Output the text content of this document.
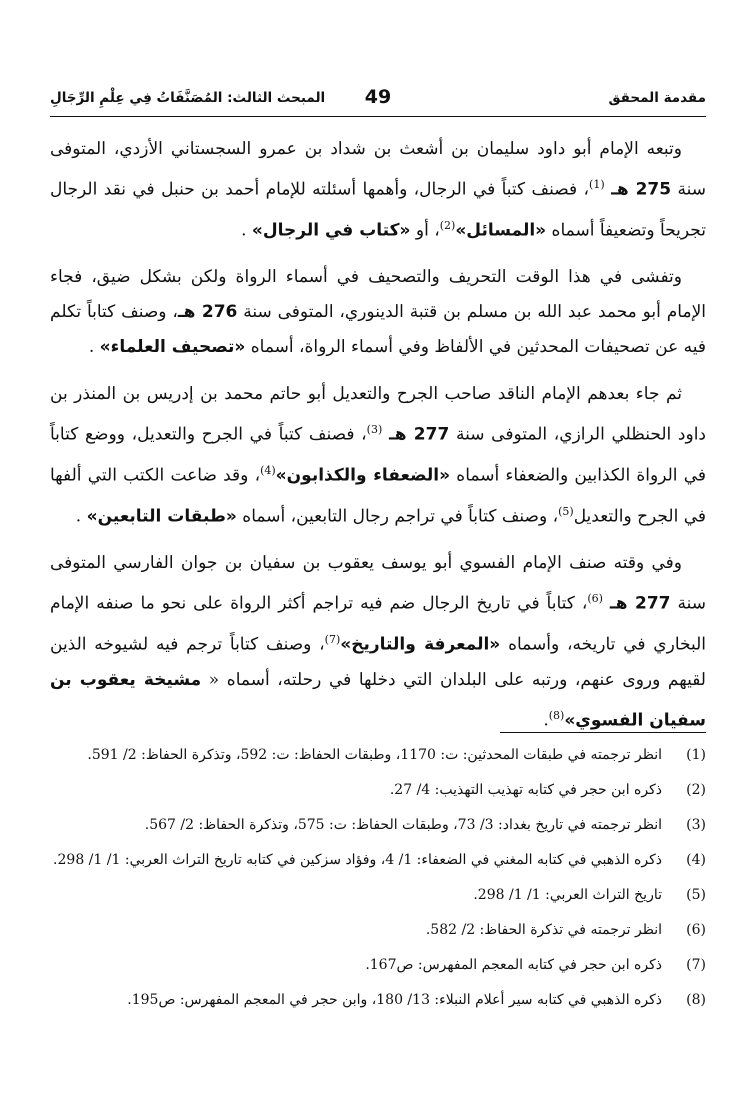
مقدمة المحقق
49
المبحث الثالث: المُصَنَّفَاتُ فِي عِلْمِ الرِّجَالِ

وتبعه الإمام أبو داود سليمان بن أشعث بن شداد بن عمرو السجستاني الأزدي، المتوفى سنة 275 هـ $^{(1)}$، فصنف كتباً في الرجال، وأهمها أسئلته للإمام أحمد بن حنبل في نقد الرجال تجريحاً وتضعيفاً أسماه «المسائل»$^{(2)}$، أو «كتاب في الرجال» .

وتفشى في هذا الوقت التحريف والتصحيف في أسماء الرواة ولكن بشكل ضيق، فجاء الإمام أبو محمد عبد الله بن مسلم بن قتبة الدينوري، المتوفى سنة 276 هـ، وصنف كتاباً تكلم فيه عن تصحيفات المحدثين في الألفاظ وفي أسماء الرواة، أسماه «تصحيف العلماء» .

ثم جاء بعدهم الإمام الناقد صاحب الجرح والتعديل أبو حاتم محمد بن إدريس بن المنذر بن داود الحنظلي الرازي، المتوفى سنة 277 هـ $^{(3)}$، فصنف كتباً في الجرح والتعديل، ووضع كتاباً في الرواة الكذابين والضعفاء أسماه «الضعفاء والكذابون»$^{(4)}$، وقد ضاعت الكتب التي ألفها في الجرح والتعديل$^{(5)}$، وصنف كتاباً في تراجم رجال التابعين، أسماه «طبقات التابعين» .

وفي وقته صنف الإمام الفسوي أبو يوسف يعقوب بن سفيان بن جوان الفارسي المتوفى سنة 277 هـ $^{(6)}$، كتاباً في تاريخ الرجال ضم فيه تراجم أكثر الرواة على نحو ما صنفه الإمام البخاري في تاريخه، وأسماه «المعرفة والتاريخ»$^{(7)}$، وصنف كتاباً ترجم فيه لشيوخه الذين لقيهم وروى عنهم، ورتبه على البلدان التي دخلها في رحلته، أسماه « مشيخة يعقوب بن سفيان الفسوي»$^{(8)}$.

(1)
انظر ترجمته في طبقات المحدثين: ت: 1170، وطبقات الحفاظ: ت: 592، وتذكرة الحفاظ: 2/ 591.
(2)
ذكره ابن حجر في كتابه تهذيب التهذيب: 4/ 27.
(3)
انظر ترجمته في تاريخ بغداد: 3/ 73، وطبقات الحفاظ: ت: 575، وتذكرة الحفاظ: 2/ 567.
(4)
ذكره الذهبي في كتابه المغني في الضعفاء: 1/ 4، وفؤاد سزكين في كتابه تاريخ التراث العربي: 1/ 1/ 298.
(5)
تاريخ التراث العربي: 1/ 1/ 298.
(6)
انظر ترجمته في تذكرة الحفاظ: 2/ 582.
(7)
ذكره ابن حجر في كتابه المعجم المفهرس: ص167.
(8)
ذكره الذهبي في كتابه سير أعلام النبلاء: 13/ 180، وابن حجر في المعجم المفهرس: ص195.
